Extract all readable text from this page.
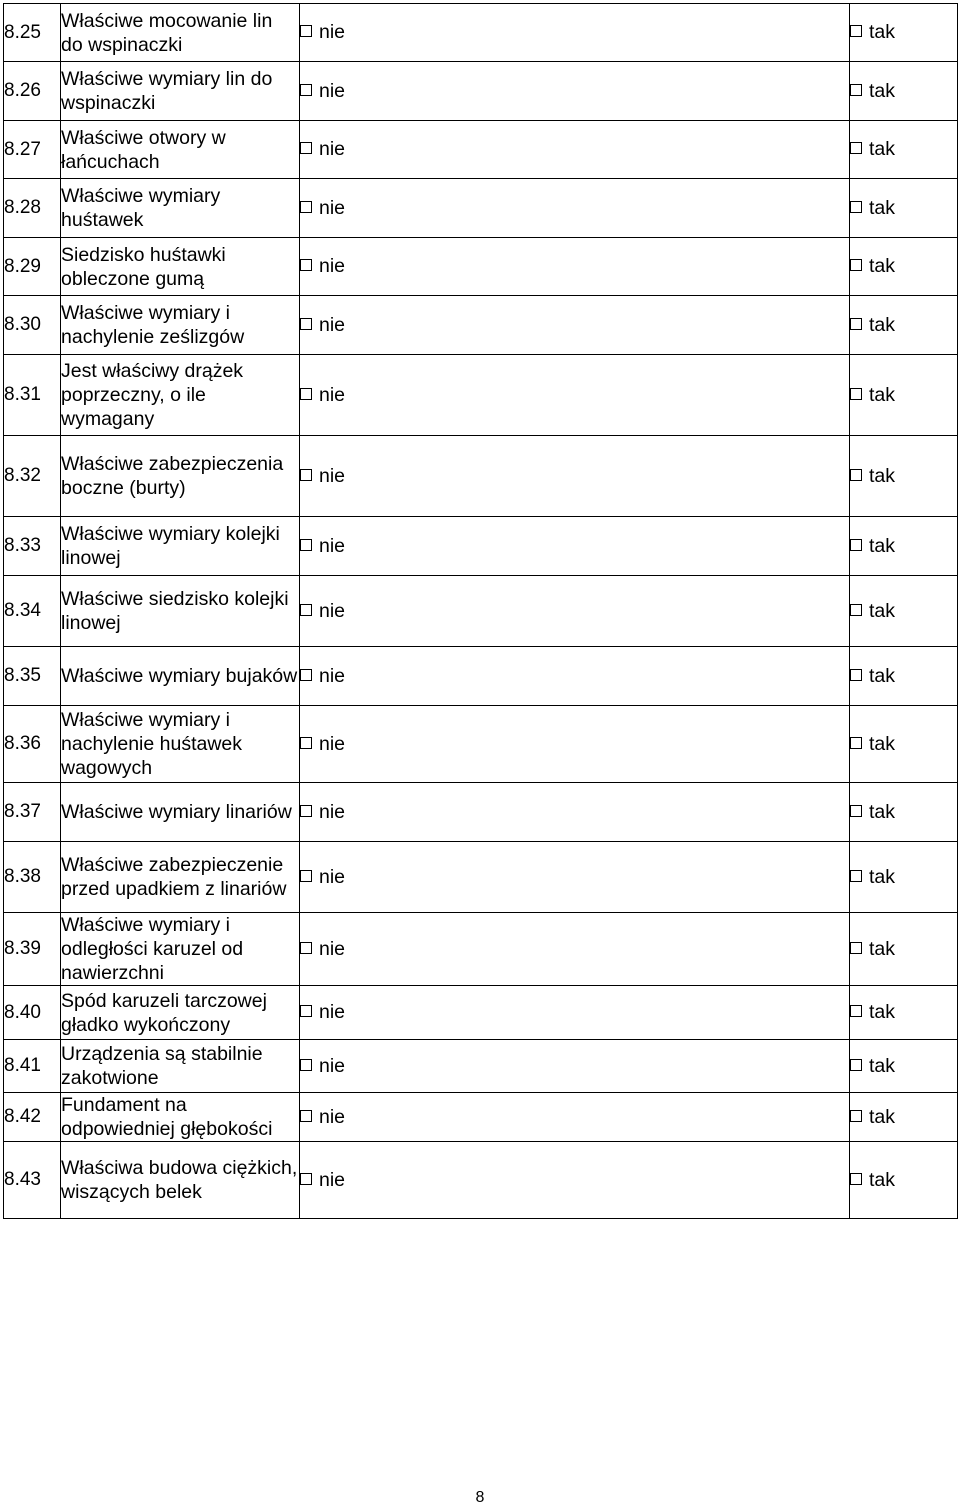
8.25	Właściwe mocowanie lin do wspinaczki	nie	tak
8.26	Właściwe wymiary lin do wspinaczki	nie	tak
8.27	Właściwe otwory w łańcuchach	nie	tak
8.28	Właściwe wymiary huśtawek	nie	tak
8.29	Siedzisko huśtawki obleczone gumą	nie	tak
8.30	Właściwe wymiary i nachylenie ześlizgów	nie	tak
8.31	Jest właściwy drążek poprzeczny, o ile wymagany	nie	tak
8.32	Właściwe zabezpieczenia boczne (burty)	nie	tak
8.33	Właściwe wymiary kolejki linowej	nie	tak
8.34	Właściwe siedzisko kolejki linowej	nie	tak
8.35	Właściwe wymiary bujaków	nie	tak
8.36	Właściwe wymiary i nachylenie huśtawek wagowych	nie	tak
8.37	Właściwe wymiary linariów	nie	tak
8.38	Właściwe zabezpieczenie przed upadkiem z linariów	nie	tak
8.39	Właściwe wymiary i odległości karuzel od nawierzchni	nie	tak
8.40	Spód karuzeli tarczowej gładko wykończony	nie	tak
8.41	Urządzenia są stabilnie zakotwione	nie	tak
8.42	Fundament na odpowiedniej głębokości	nie	tak
8.43	Właściwa budowa ciężkich, wiszących belek	nie	tak
8
